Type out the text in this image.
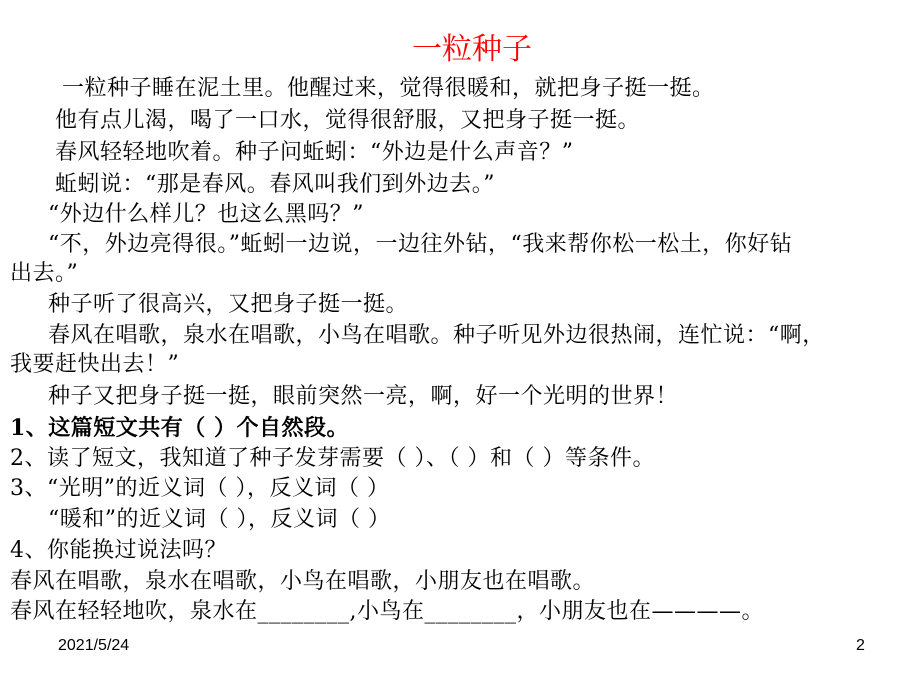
一粒种子
一粒种子睡在泥土里。他醒过来，觉得很暖和，就把身子挺一挺。
他有点儿渴，喝了一口水，觉得很舒服，又把身子挺一挺。
春风轻轻地吹着。种子问蚯蚓：“外边是什么声音？”
蚯蚓说：“那是春风。春风叫我们到外边去。”
“外边什么样儿？也这么黑吗？”
“不，外边亮得很。”蚯蚓一边说，一边往外钻，“我来帮你松一松土，你好钻
出去。”
种子听了很高兴，又把身子挺一挺。
春风在唱歌，泉水在唱歌，小鸟在唱歌。种子听见外边很热闹，连忙说：“啊，
我要赶快出去！”
种子又把身子挺一挺，眼前突然一亮，啊，好一个光明的世界！
1、这篇短文共有（ ）个自然段。
2、读了短文，我知道了种子发芽需要（ ）、（ ）和（ ）等条件。
3、“光明”的近义词（ ），反义词（ ）
“暖和”的近义词（ ），反义词（ ）
4、你能换过说法吗？
春风在唱歌，泉水在唱歌，小鸟在唱歌，小朋友也在唱歌。
春风在轻轻地吹，泉水在________,小鸟在________，小朋友也在————。
2021/5/24	2
